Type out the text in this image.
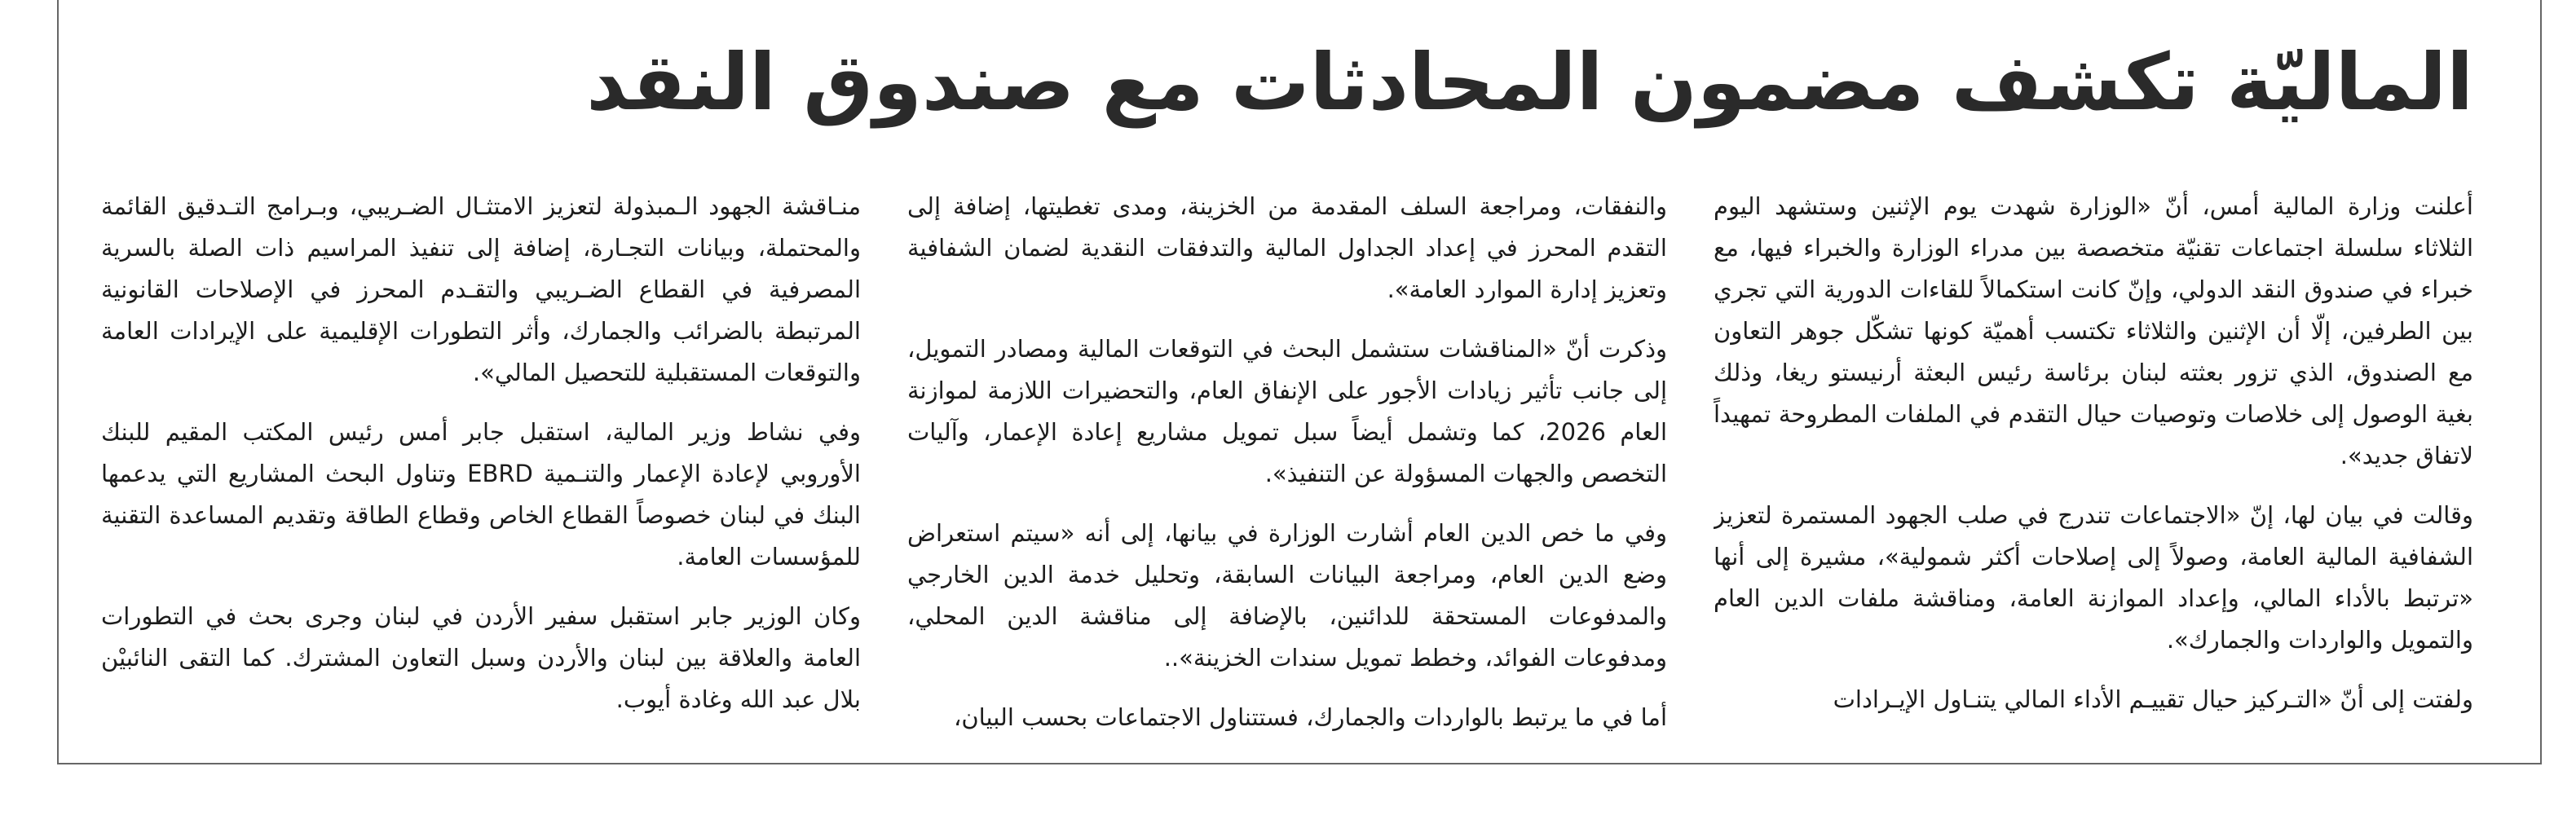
الماليّة تكشف مضمون المحادثات مع صندوق النقد

أعلنت وزارة المالية أمس، أنّ «الوزارة شهدت يوم الإثنين وستشهد اليوم الثلاثاء سلسلة اجتماعات تقنيّة متخصصة بين مدراء الوزارة والخبراء فيها، مع خبراء في صندوق النقد الدولي، وإنّ كانت استكمالاً للقاءات الدورية التي تجري بين الطرفين، إلّا أن الإثنين والثلاثاء تكتسب أهميّة كونها تشكّل جوهر التعاون مع الصندوق، الذي تزور بعثته لبنان برئاسة رئيس البعثة أرنيستو ريغا، وذلك بغية الوصول إلى خلاصات وتوصيات حيال التقدم في الملفات المطروحة تمهيداً لاتفاق جديد».

وقالت في بيان لها، إنّ «الاجتماعات تندرج في صلب الجهود المستمرة لتعزيز الشفافية المالية العامة، وصولاً إلى إصلاحات أكثر شمولية»، مشيرة إلى أنها «ترتبط بالأداء المالي، وإعداد الموازنة العامة، ومناقشة ملفات الدين العام والتمويل والواردات والجمارك».

ولفتت إلى أنّ «التـركيز حيال تقييـم الأداء المالي يتنـاول الإيـرادات

والنفقات، ومراجعة السلف المقدمة من الخزينة، ومدى تغطيتها، إضافة إلى التقدم المحرز في إعداد الجداول المالية والتدفقات النقدية لضمان الشفافية وتعزيز إدارة الموارد العامة».

وذكرت أنّ «المناقشات ستشمل البحث في التوقعات المالية ومصادر التمويل، إلى جانب تأثير زيادات الأجور على الإنفاق العام، والتحضيرات اللازمة لموازنة العام 2026، كما وتشمل أيضاً سبل تمويل مشاريع إعادة الإعمار، وآليات التخصص والجهات المسؤولة عن التنفيذ».

وفي ما خص الدين العام أشارت الوزارة في بيانها، إلى أنه «سيتم استعراض وضع الدين العام، ومراجعة البيانات السابقة، وتحليل خدمة الدين الخارجي والمدفوعات المستحقة للدائنين، بالإضافة إلى مناقشة الدين المحلي، ومدفوعات الفوائد، وخطط تمويل سندات الخزينة»..

أما في ما يرتبط بالواردات والجمارك، فستتناول الاجتماعات بحسب البيان،

منـاقشة الجهود الـمبذولة لتعزيز الامتثـال الضـريبي، وبـرامج التـدقيق القائمة والمحتملة، وبيانات التجـارة، إضافة إلى تنفيذ المراسيم ذات الصلة بالسرية المصرفية في القطاع الضـريبي والتقـدم المحرز في الإصلاحات القانونية المرتبطة بالضرائب والجمارك، وأثر التطورات الإقليمية على الإيرادات العامة والتوقعات المستقبلية للتحصيل المالي».

وفي نشاط وزير المالية، استقبل جابر أمس رئيس المكتب المقيم للبنك الأوروبي لإعادة الإعمار والتنـمية EBRD وتناول البحث المشاريع التي يدعمها البنك في لبنان خصوصاً القطاع الخاص وقطاع الطاقة وتقديم المساعدة التقنية للمؤسسات العامة.

وكان الوزير جابر استقبل سفير الأردن في لبنان وجرى بحث في التطورات العامة والعلاقة بين لبنان والأردن وسبل التعاون المشترك. كما التقى النائبيْن بلال عبد الله وغادة أيوب.
